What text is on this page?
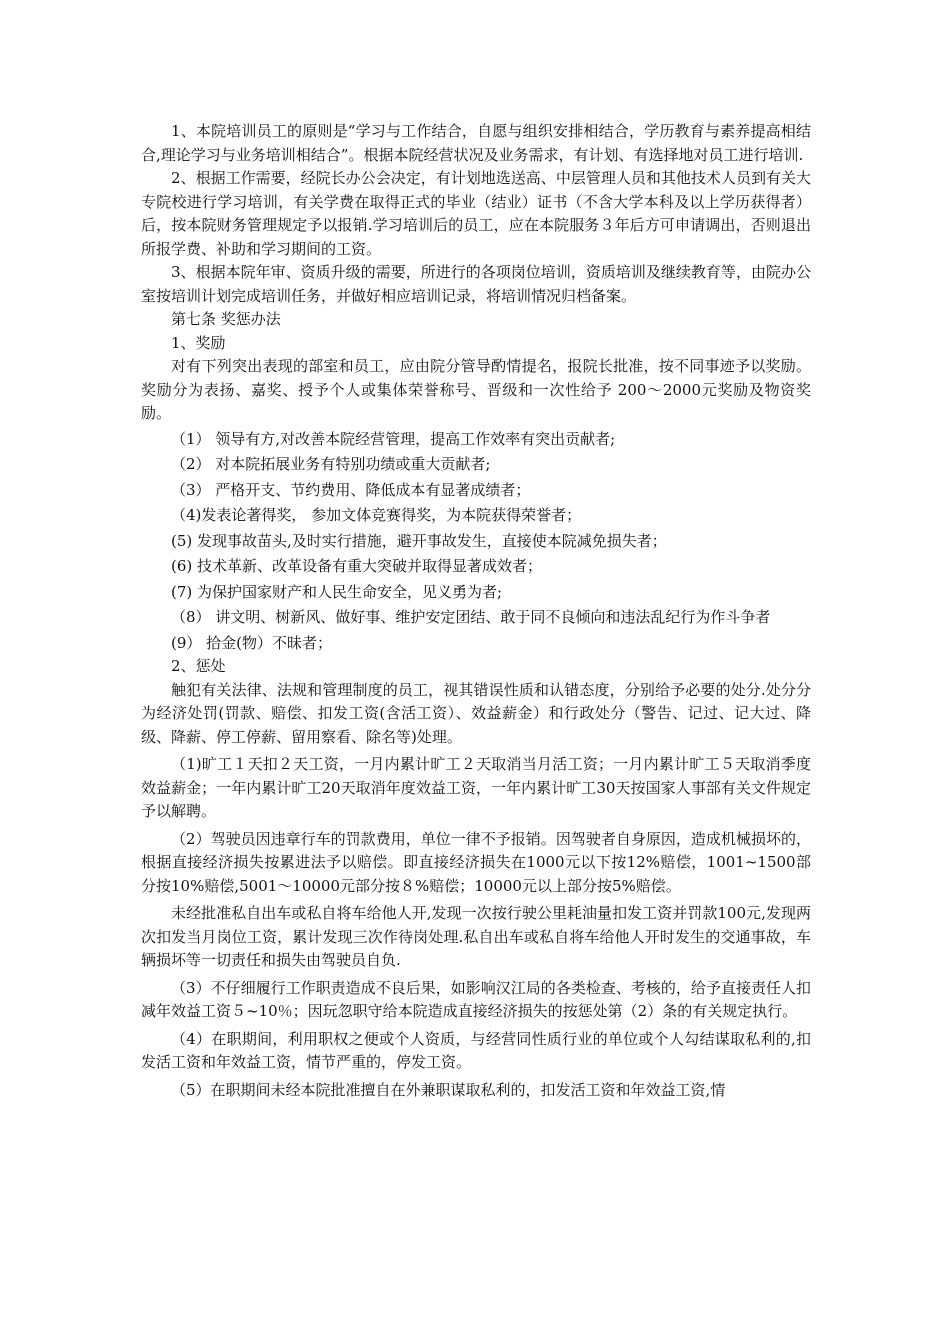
1、本院培训员工的原则是“学习与工作结合，自愿与组织安排相结合，学历教育与素养提高相结合,理论学习与业务培训相结合”。根据本院经营状况及业务需求，有计划、有选择地对员工进行培训.

2、根据工作需要，经院长办公会决定，有计划地选送高、中层管理人员和其他技术人员到有关大专院校进行学习培训，有关学费在取得正式的毕业（结业）证书（不含大学本科及以上学历获得者）后，按本院财务管理规定予以报销.学习培训后的员工，应在本院服务３年后方可申请调出，否则退出所报学费、补助和学习期间的工资。

3、根据本院年审、资质升级的需要，所进行的各项岗位培训，资质培训及继续教育等，由院办公室按培训计划完成培训任务，并做好相应培训记录，将培训情况归档备案。

第七条 奖惩办法

1、奖励

对有下列突出表现的部室和员工，应由院分管导酌情提名，报院长批准，按不同事迹予以奖励。奖励分为表扬、嘉奖、授予个人或集体荣誉称号、晋级和一次性给予 200～2000元奖励及物资奖励。

（1） 领导有方,对改善本院经营管理，提高工作效率有突出贡献者;

（2） 对本院拓展业务有特别功绩或重大贡献者;

（3） 严格开支、节约费用、降低成本有显著成绩者；

（4)发表论著得奖， 参加文体竞赛得奖，为本院获得荣誉者；

(5) 发现事故苗头,及时实行措施，避开事故发生，直接使本院减免损失者；

(6) 技术革新、改革设备有重大突破并取得显著成效者；

(7) 为保护国家财产和人民生命安全，见义勇为者;

（8） 讲文明、树新风、做好事、维护安定团结、敢于同不良倾向和违法乱纪行为作斗争者

(9） 拾金(物）不昧者；

2、惩处

触犯有关法律、法规和管理制度的员工，视其错误性质和认错态度，分别给予必要的处分.处分分为经济处罚(罚款、赔偿、扣发工资(含活工资）、效益薪金）和行政处分（警告、记过、记大过、降级、降薪、停工停薪、留用察看、除名等)处理。

（1)旷工１天扣２天工资，一月内累计旷工２天取消当月活工资；一月内累计旷工５天取消季度效益薪金；一年内累计旷工20天取消年度效益工资，一年内累计旷工30天按国家人事部有关文件规定予以解聘。

（2）驾驶员因违章行车的罚款费用，单位一律不予报销。因驾驶者自身原因，造成机械损坏的，根据直接经济损失按累进法予以赔偿。即直接经济损失在1000元以下按12%赔偿，1001~1500部分按10%赔偿,5001～10000元部分按８%赔偿；10000元以上部分按5%赔偿。

未经批准私自出车或私自将车给他人开,发现一次按行驶公里耗油量扣发工资并罚款100元,发现两次扣发当月岗位工资，累计发现三次作待岗处理.私自出车或私自将车给他人开时发生的交通事故，车辆损坏等一切责任和损失由驾驶员自负.

（3）不仔细履行工作职责造成不良后果，如影响汉江局的各类检查、考核的，给予直接责任人扣减年效益工资５~10％；因玩忽职守给本院造成直接经济损失的按惩处第（2）条的有关规定执行。

（4）在职期间，利用职权之便或个人资质，与经营同性质行业的单位或个人勾结谋取私利的,扣发活工资和年效益工资，情节严重的，停发工资。

（5）在职期间未经本院批准擅自在外兼职谋取私利的，扣发活工资和年效益工资,情
